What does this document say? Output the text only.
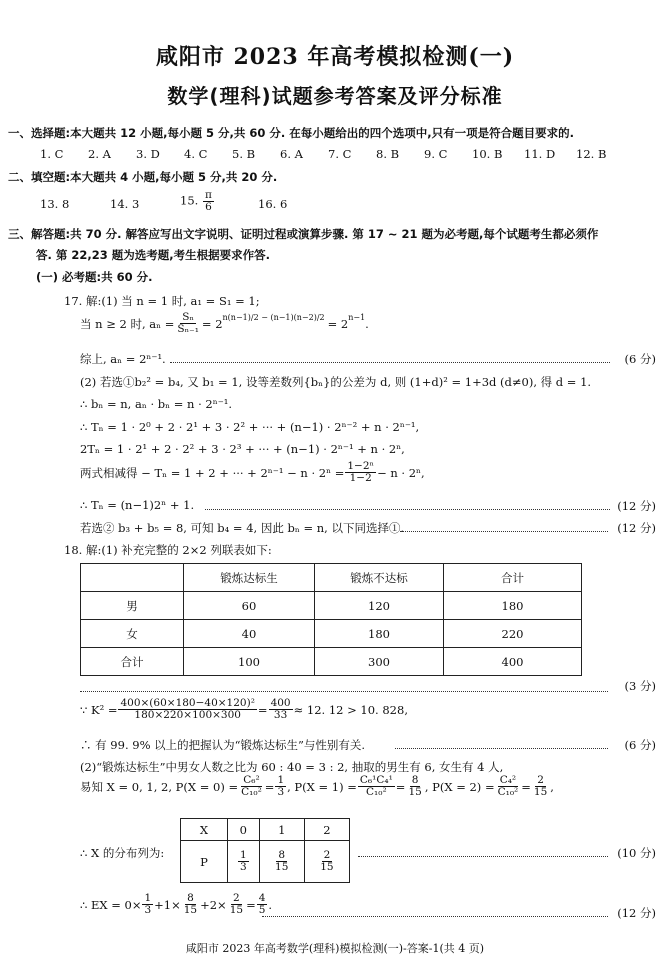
咸阳市 2023 年高考模拟检测(一)
数学(理科)试题参考答案及评分标准
一、选择题:本大题共 12 小题,每小题 5 分,共 60 分. 在每小题给出的四个选项中,只有一项是符合题目要求的.
1. C	2. A	3. D	4. C	5. B	6. A	7. C	8. B	9. C	10. B	11. D	12. B
二、填空题:本大题共 4 小题,每小题 5 分,共 20 分.
13. 8	14. 3	15. $\frac{\pi}{6}$	16. 6
三、解答题:共 70 分. 解答应写出文字说明、证明过程或演算步骤. 第 17 ~ 21 题为必考题,每个试题考生都必须作
答. 第 22,23 题为选考题,考生根据要求作答.
(一) 必考题:共 60 分.
17. 解:(1) 当 n = 1 时, a₁ = S₁ = 1;
当 n ≥ 2 时, $a_n = \frac{\text{Sₙ}}{\text{Sₙ₋₁}} = 2^{n(n-1)/2 - (n-1)(n-2)/2} = 2^{n-1}$ .
综上, aₙ = 2ⁿ⁻¹.	(6 分)
(2) 若选①b₂² = b₄, 又 b₁ = 1, 设等差数列{bₙ}的公差为 d, 则 (1+d)² = 1+3d (d≠0), 得 d = 1.
∴ bₙ = n, aₙ · bₙ = n · 2ⁿ⁻¹.
∴ Tₙ = 1 · 2⁰ + 2 · 2¹ + 3 · 2² + ··· + (n−1) · 2ⁿ⁻² + n · 2ⁿ⁻¹,
2Tₙ = 1 · 2¹ + 2 · 2² + 3 · 2³ + ··· + (n−1) · 2ⁿ⁻¹ + n · 2ⁿ,
两式相减得 − Tₙ = 1 + 2 + ··· + $2^{n-1} - n \cdot 2^n = \frac{\text{1−2ⁿ}}{1-2} - n \cdot 2^n$,
∴ Tₙ = (n−1)2ⁿ + 1.	(12 分)
若选② b₃ + b₅ = 8, 可知 b₄ = 4, 因此 bₙ = n, 以下同选择①.	(12 分)
18. 解:(1) 补充完整的 2×2 列联表如下:
	锻炼达标生	锻炼不达标	合计
男	60	120	180
女	40	180	220
合计	100	300	400
(3 分)
∵ $K^2 = \frac{\text{400×(60×180−40×120)²}}{180\times 220\times 100\times 300} = \frac{400}{33} \approx 12$. 12 > 10. 828,
∴ 有 99. 9% 以上的把握认为“锻炼达标生”与性别有关.	(6 分)
(2)“锻炼达标生”中男女人数之比为 60 : 40 = 3 : 2, 抽取的男生有 6, 女生有 4 人,
易知 X = 0, 1, 2, $P(X = 0) = \frac{\text{C₆²}}{\text{C₁₀²}} = \frac{1}{3}$ , $P(X = 1) = \frac{\text{C₆¹C₄¹}}{\text{C₁₀²}} = \frac{8}{15}$ , $P(X = 2) = \frac{\text{C₄²}}{\text{C₁₀²}} = \frac{2}{15}$ ,
∴ X 的分布列为:
X	0	1	2
P	$\frac{1}{3}$	$\frac{8}{15}$	$\frac{2}{15}$	(10 分)
∴ EX = $0\times \frac{1}{3} +1\times \frac{8}{15} +2\times \frac{2}{15} = \frac{4}{5}$ .
(12 分)
咸阳市 2023 年高考数学(理科)模拟检测(一)-答案-1(共 4 页)
